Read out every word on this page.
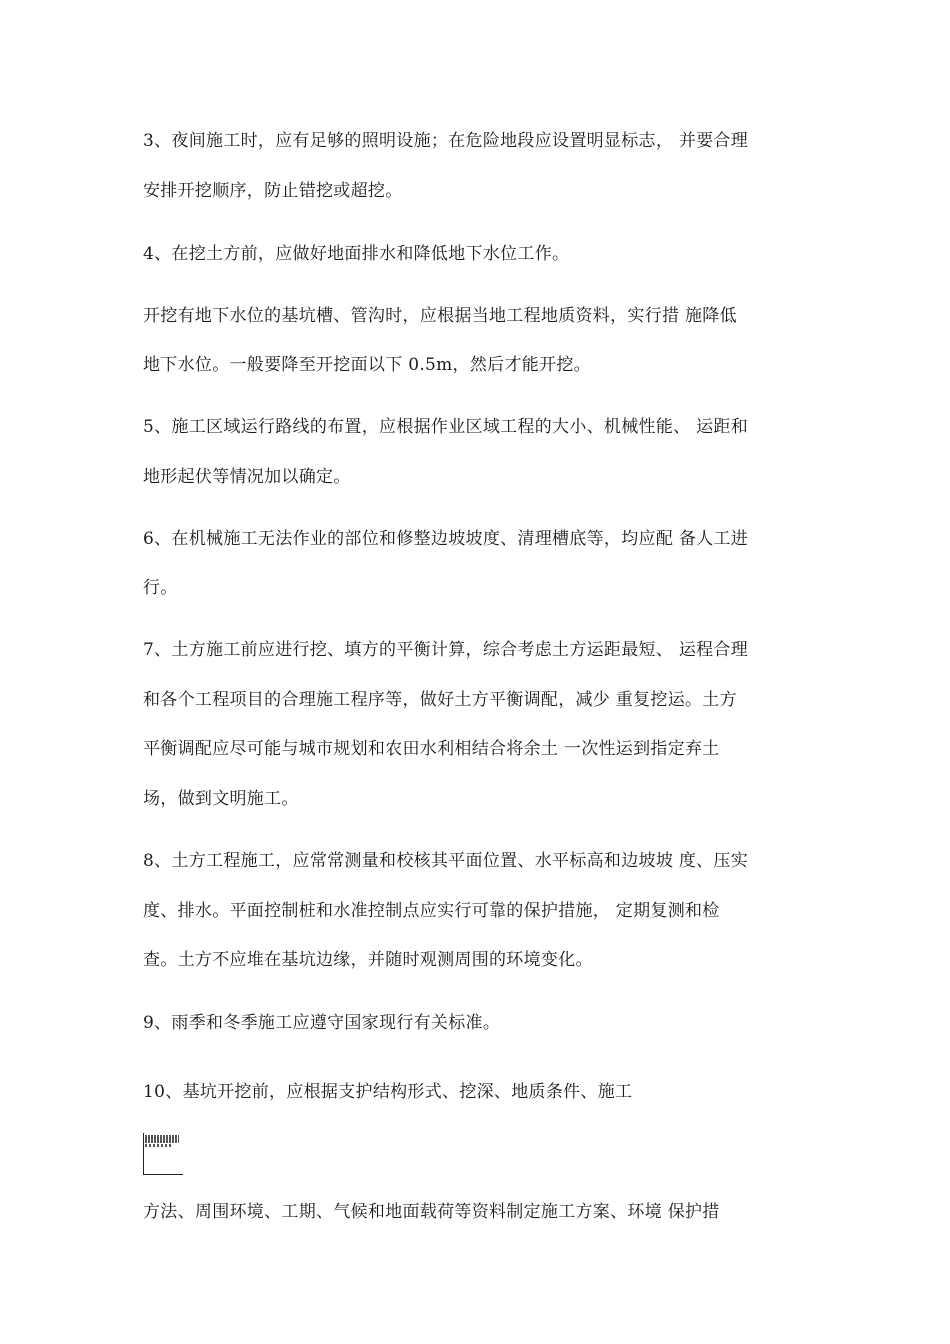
3、夜间施工时，应有足够的照明设施；在危险地段应设置明显标志， 并要合理
安排开挖顺序，防止错挖或超挖。
4、在挖土方前，应做好地面排水和降低地下水位工作。
开挖有地下水位的基坑槽、管沟时，应根据当地工程地质资料，实行措 施降低
地下水位。一般要降至开挖面以下 0.5m，然后才能开挖。
5、施工区域运行路线的布置，应根据作业区域工程的大小、机械性能、 运距和
地形起伏等情况加以确定。
6、在机械施工无法作业的部位和修整边坡坡度、清理槽底等，均应配 备人工进
行。
7、土方施工前应进行挖、填方的平衡计算，综合考虑土方运距最短、 运程合理
和各个工程项目的合理施工程序等，做好土方平衡调配，减少 重复挖运。土方
平衡调配应尽可能与城市规划和农田水利相结合将余土 一次性运到指定弃土
场，做到文明施工。
8、土方工程施工，应常常测量和校核其平面位置、水平标高和边坡坡 度、压实
度、排水。平面控制桩和水准控制点应实行可靠的保护措施， 定期复测和检
查。土方不应堆在基坑边缘，并随时观测周围的环境变化。
9、雨季和冬季施工应遵守国家现行有关标准。
10、基坑开挖前，应根据支护结构形式、挖深、地质条件、施工
方法、周围环境、工期、气候和地面载荷等资料制定施工方案、环境 保护措
